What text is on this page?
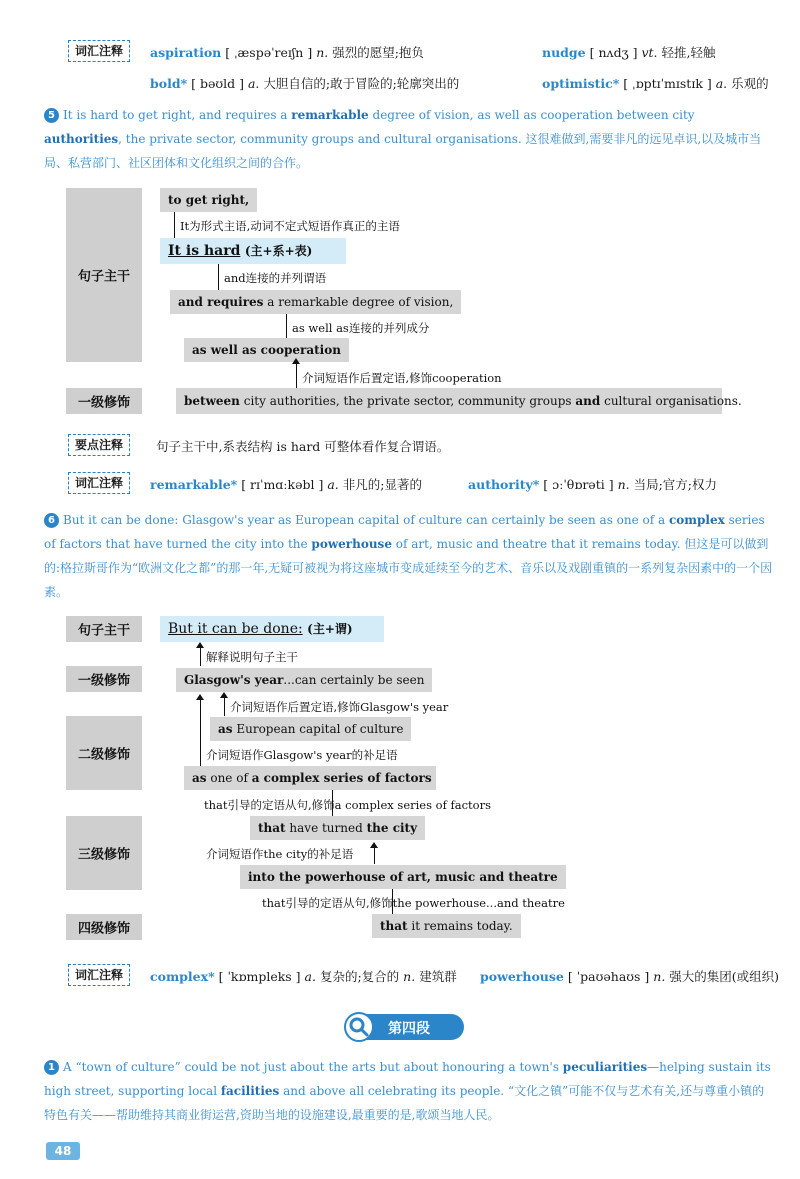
词汇注释	aspiration [ ˌæspəˈreɪʃn ] n. 强烈的愿望;抱负	nudge [ nʌdʒ ] vt. 轻推,轻触
bold* [ bəʊld ] a. 大胆自信的;敢于冒险的;轮廓突出的	optimistic* [ ˌɒptɪˈmɪstɪk ] a. 乐观的
5 It is hard to get right, and requires a remarkable degree of vision, as well as cooperation between city authorities, the private sector, community groups and cultural organisations. 这很难做到,需要非凡的远见卓识,以及城市当局、私营部门、社区团体和文化组织之间的合作。
句子主干
一级修饰
to get right,
It为形式主语,动词不定式短语作真正的主语
It is hard (主+系+表)
and连接的并列谓语
and requires a remarkable degree of vision,
as well as连接的并列成分
as well as cooperation
介词短语作后置定语,修饰cooperation
between city authorities, the private sector, community groups and cultural organisations.
要点注释	句子主干中,系表结构 is hard 可整体看作复合谓语。
词汇注释	remarkable* [ rɪˈmɑːkəbl ] a. 非凡的;显著的	authority* [ ɔːˈθɒrəti ] n. 当局;官方;权力
6 But it can be done: Glasgow's year as European capital of culture can certainly be seen as one of a complex series of factors that have turned the city into the powerhouse of art, music and theatre that it remains today. 但这是可以做到的:格拉斯哥作为“欧洲文化之都”的那一年,无疑可被视为将这座城市变成延续至今的艺术、音乐以及戏剧重镇的一系列复杂因素中的一个因素。
句子主干
一级修饰
二级修饰
三级修饰
四级修饰
But it can be done: (主+谓)
解释说明句子主干
Glasgow's year...can certainly be seen
介词短语作后置定语,修饰Glasgow's year
as European capital of culture
介词短语作Glasgow's year的补足语
as one of a complex series of factors
that引导的定语从句,修饰a complex series of factors
that have turned the city
介词短语作the city的补足语
into the powerhouse of art, music and theatre
that引导的定语从句,修饰the powerhouse...and theatre
that it remains today.
词汇注释	complex* [ ˈkɒmpleks ] a. 复杂的;复合的 n. 建筑群 powerhouse [ ˈpaʊəhaʊs ] n. 强大的集团(或组织)
第四段
1 A “town of culture” could be not just about the arts but about honouring a town's peculiarities—helping sustain its high street, supporting local facilities and above all celebrating its people. “文化之镇”可能不仅与艺术有关,还与尊重小镇的特色有关——帮助维持其商业街运营,资助当地的设施建设,最重要的是,歌颂当地人民。
48
